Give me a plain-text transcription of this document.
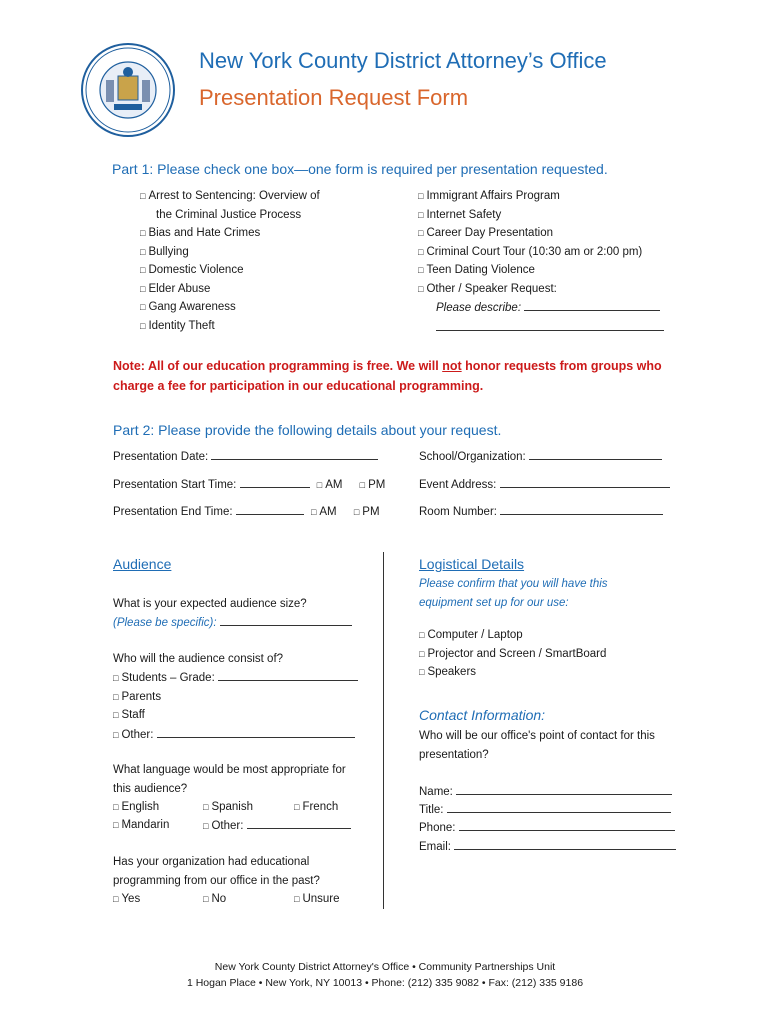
New York County District Attorney’s Office
Presentation Request Form
Part 1: Please check one box—one form is required per presentation requested.
□ Arrest to Sentencing: Overview of
the Criminal Justice Process
□ Bias and Hate Crimes
□ Bullying
□ Domestic Violence
□ Elder Abuse
□ Gang Awareness
□ Identity Theft
□ Immigrant Affairs Program
□ Internet Safety
□ Career Day Presentation
□ Criminal Court Tour (10:30 am or 2:00 pm)
□ Teen Dating Violence
□ Other / Speaker Request:
Please describe:
Note: All of our education programming is free. We will not honor requests from groups who
charge a fee for participation in our educational programming.
Part 2: Please provide the following details about your request.
Presentation Date:
Presentation Start Time:	□ AM □ PM
Presentation End Time:	□ AM □ PM
School/Organization:
Event Address:
Room Number:
Audience
What is your expected audience size?
(Please be specific):
Who will the audience consist of?
□ Students – Grade:
□ Parents
□ Staff
□ Other:
What language would be most appropriate for
this audience?
□ English	□ Spanish	□ French
□ Mandarin	□ Other:
Has your organization had educational
programming from our office in the past?
□ Yes	□ No	□ Unsure
Logistical Details
Please confirm that you will have this
equipment set up for our use:
□ Computer / Laptop
□ Projector and Screen / SmartBoard
□ Speakers
Contact Information:
Who will be our office's point of contact for this
presentation?
Name:
Title:
Phone:
Email:
New York County District Attorney's Office • Community Partnerships Unit
1 Hogan Place • New York, NY 10013 • Phone: (212) 335 9082 • Fax: (212) 335 9186
